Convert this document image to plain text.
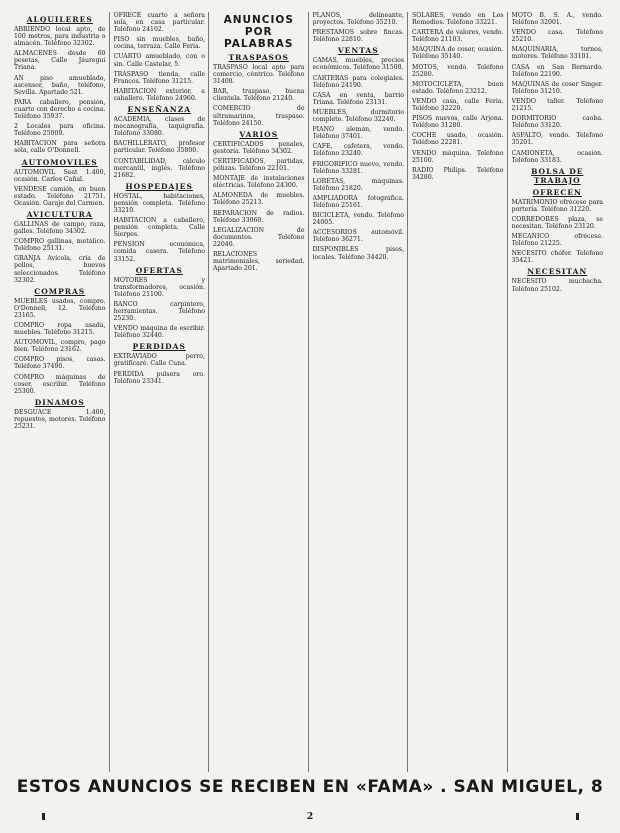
ALQUILERES

ABRIENDO local apto, de 100 metros, para industria o almacén. Teléfono 32302.

ALMACENES desde 60 pesetas, Calle Jáuregui Triana.

AN piso amueblado, ascensor, baño, teléfono, Sevilla. Apartado 521.

PARA caballero, pensión, cuarto con derecho a cocina. Teléfono 35937.

2 Locales para oficina. Teléfono 25009.

HABITACION para señora sola, calle O'Donnell.

AUTOMOVILES

AUTOMOVIL Seat 1.400, ocasión. Carlos Cañal.

VENDESE camión, en buen estado. Teléfono 21751. Ocasión. Garaje del Carmen.

AVICULTURA

GALLINAS de campo, raza, gallos. Teléfono 34302.

COMPRO gallinas, metálico. Teléfono 25131.

GRANJA Avícola, cría de pollos, huevos seleccionados. Teléfono 32302.

COMPRAS

MUEBLES usados, compro. O'Donnell, 12. Teléfono 23165.

COMPRO ropa usada, muebles. Teléfono 31215.

AUTOMOVIL, compro, pago bien. Teléfono 23162.

COMPRO pisos, casas. Teléfono 37490.

COMPRO máquinas de coser, escribir. Teléfono 25300.

DINAMOS

DESGUACE 1.400, repuestos, motores. Teléfono 25231.

OFRECE cuarto a señora sola, en casa particular. Teléfono 24102.

PISO sin muebles, baño, cocina, terraza. Calle Feria.

CUARTO amueblado, con o sin. Calle Castelar, 5.

TRASPASO tienda, calle Francos. Teléfono 31215.

HABITACION exterior, a caballero. Teléfono 24960.

ENSEÑANZA

ACADEMIA, clases de mecanografía, taquigrafía. Teléfono 33080.

BACHILLERATO, profesor particular. Teléfono 35800.

CONTABILIDAD, cálculo mercantil, inglés. Teléfono 21682.

HOSPEDAJES

HOSTAL, habitaciones, pensión completa. Teléfono 33210.

HABITACION a caballero, pensión completa. Calle Sierpes.

PENSION económica, comida casera. Teléfono 33152.

OFERTAS

MOTORES y transformadores, ocasión. Teléfono 21100.

BANCO carpintero, herramientas. Teléfono 25230.

VENDO máquina de escribir. Teléfono 32440.

PERDIDAS

EXTRAVIADO perro, gratificaré. Calle Cuna.

PERDIDA pulsera oro. Teléfono 23341.

ANUNCIOS POR PALABRAS
TRASPASOS

TRASPASO local apto para comercio, céntrico. Teléfono 31408.

BAR, traspaso, buena clientela. Teléfono 21240.

COMERCIO de ultramarinos, traspaso. Teléfono 24150.

VARIOS

CERTIFICADOS penales, gestoría. Teléfono 34302.

CERTIFICADOS, partidas, pólizas. Teléfono 22101.

MONTAJE de instalaciones eléctricas. Teléfono 24300.

ALMONEDA de muebles. Teléfono 25213.

REPARACION de radios. Teléfono 33060.

LEGALIZACION de documentos. Teléfono 22040.

RELACIONES matrimoniales, seriedad. Apartado 201.

PLANOS, delineante, proyectos. Teléfono 35210.

PRESTAMOS sobre fincas. Teléfono 22810.

VENTAS

CAMAS, muebles, precios económicos. Teléfono 31508.

CARTERAS para colegiales. Teléfono 24190.

CASA en venta, barrio Triana. Teléfono 23131.

MUEBLES, dormitorio completo. Teléfono 32240.

PIANO alemán, vendo. Teléfono 37401.

CAFE, cafetera, vendo. Teléfono 23240.

FRIGORIFICO nuevo, vendo. Teléfono 33281.

LORETAS, máquinas. Teléfono 21820.

AMPLIADORA fotográfica. Teléfono 25161.

BICICLETA, vendo. Teléfono 24005.

ACCESORIOS automóvil. Teléfono 36271.

DISPONIBLES pisos, locales. Teléfono 34420.

SOLARES, vendo en Los Remedios. Teléfono 33221.

CARTERA de valores, vendo. Teléfono 21103.

MAQUINA de coser, ocasión. Teléfono 35140.

MOTOS, vendo. Teléfono 25280.

MOTOCICLETA, buen estado. Teléfono 23212.

VENDO casa, calle Feria. Teléfono 32220.

PISOS nuevos, calle Arjona. Teléfono 31280.

COCHE usado, ocasión. Teléfono 22281.

VENDO máquina. Teléfono 25100.

RADIO Philips. Teléfono 34280.

MOTO B. S. A., vendo. Teléfono 32001.

VENDO casa. Teléfono 25210.

MAQUINARIA, tornos, motores. Teléfono 33101.

CASA en San Bernardo. Teléfono 22190.

MAQUINAS de coser Singer. Teléfono 31210.

VENDO taller. Teléfono 21215.

DORMITORIO caoba. Teléfono 33120.

ASFALTO, vendo. Teléfono 35201.

CAMIONETA, ocasión. Teléfono 33183.

BOLSA DE TRABAJO
OFRECEN

MATRIMONIO ofrécese para portería. Teléfono 31220.

CORREDORES plaza, se necesitan. Teléfono 23120.

MECANICO ofrécese. Teléfono 21225.

NECESITO chófer. Teléfono 35421.

NECESITAN

NECESITO muchacha. Teléfono 25102.

ESTOS ANUNCIOS SE RECIBEN EN «FAMA» . SAN MIGUEL, 8
2
